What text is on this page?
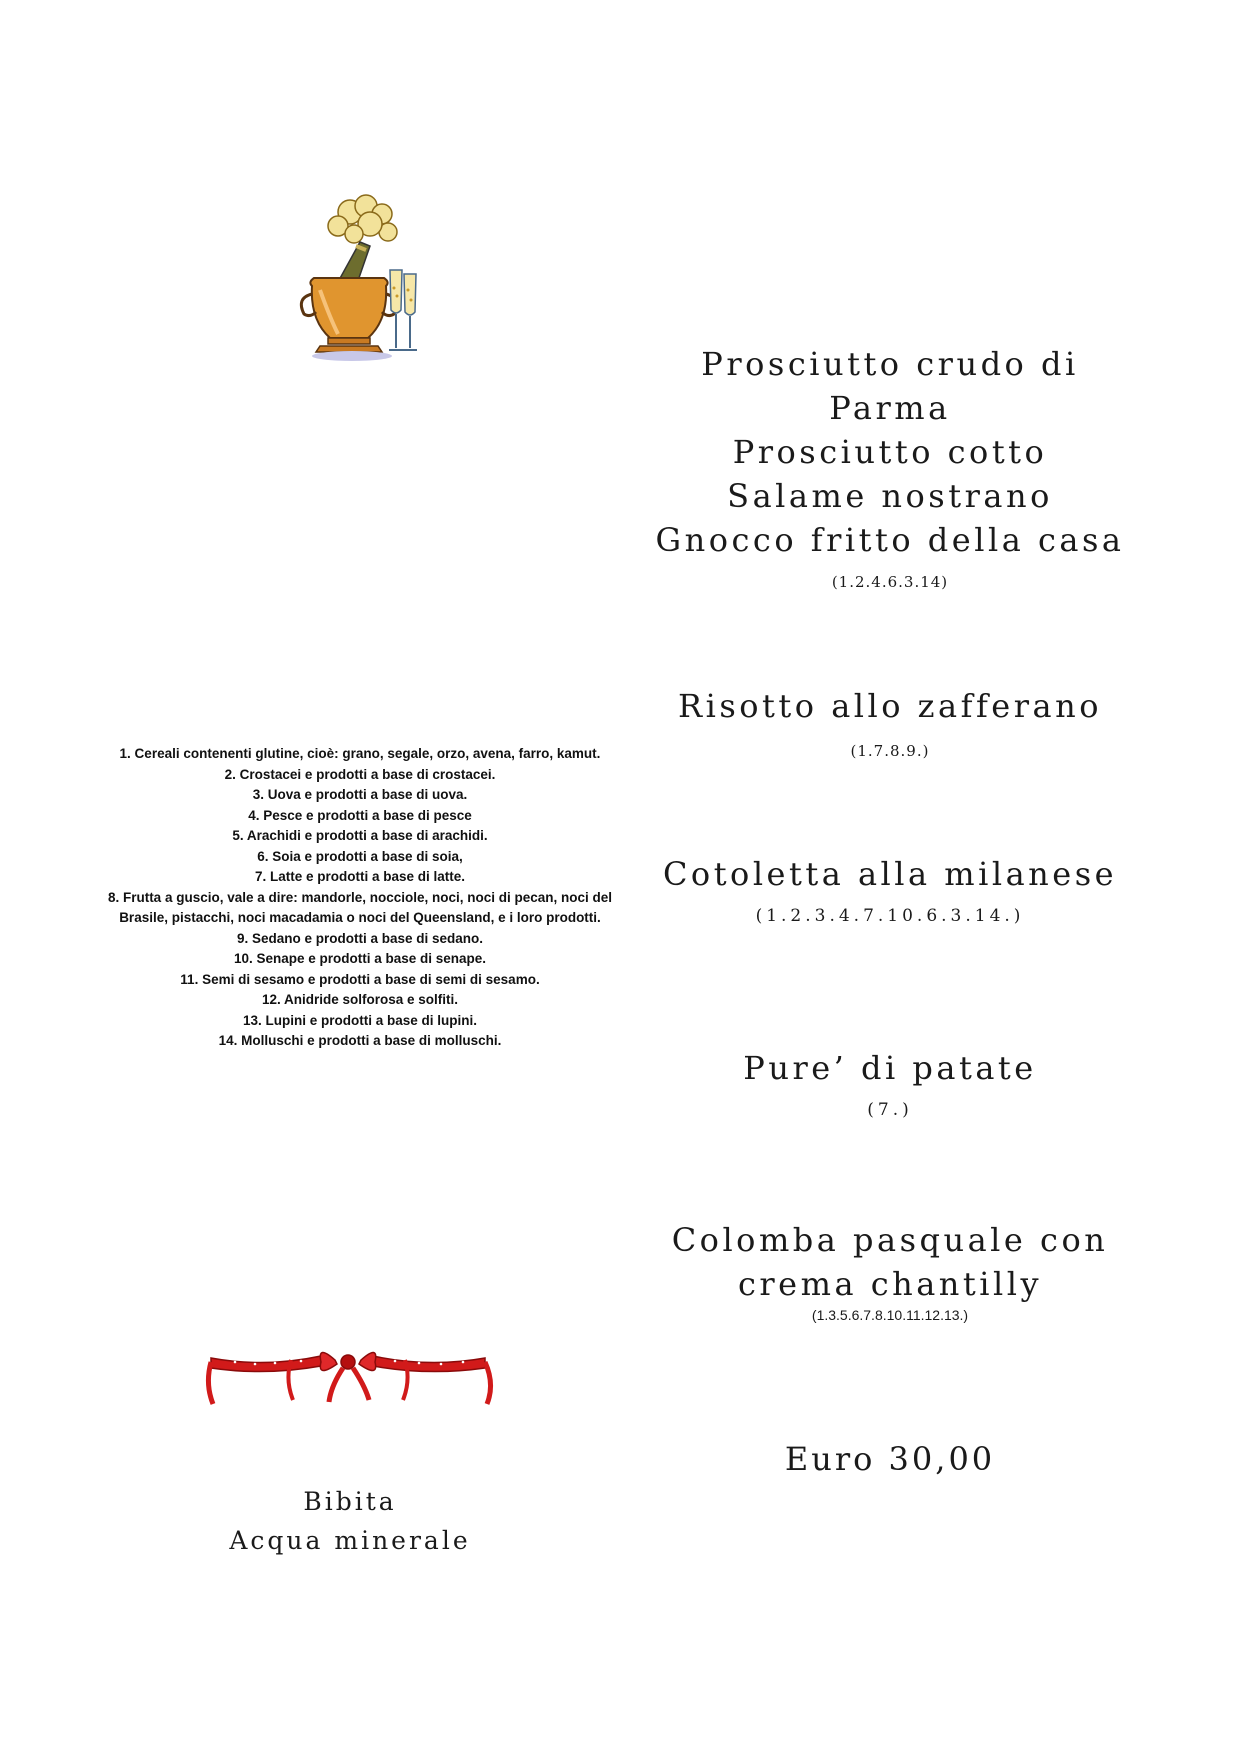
1. Cereali contenenti glutine, cioè: grano, segale, orzo, avena, farro, kamut.
2. Crostacei e prodotti a base di crostacei.
3. Uova e prodotti a base di uova.
4. Pesce e prodotti a base di pesce
5. Arachidi e prodotti a base di arachidi.
6. Soia e prodotti a base di soia,
7. Latte e prodotti a base di latte.
8. Frutta a guscio, vale a dire: mandorle, nocciole, noci, noci di pecan, noci del Brasile, pistacchi, noci macadamia o noci del Queensland, e i loro prodotti.
9. Sedano e prodotti a base di sedano.
10. Senape e prodotti a base di senape.
11. Semi di sesamo e prodotti a base di semi di sesamo.
12. Anidride solforosa e solfiti.
13. Lupini e prodotti a base di lupini.
14. Molluschi e prodotti a base di molluschi.
Bibita
Acqua minerale
Prosciutto crudo di
Parma
Prosciutto cotto
Salame nostrano
Gnocco fritto della casa
(1.2.4.6.3.14)
Risotto allo zafferano
(1.7.8.9.)
Cotoletta alla milanese
(1.2.3.4.7.10.6.3.14.)
Pure’ di patate
(7.)
Colomba pasquale con
crema chantilly
(1.3.5.6.7.8.10.11.12.13.)
Euro 30,00
